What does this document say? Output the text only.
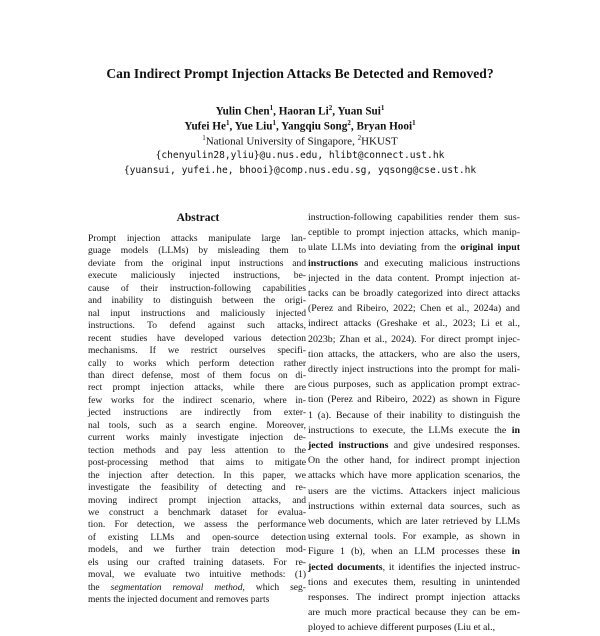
Can Indirect Prompt Injection Attacks Be Detected and Removed?
Yulin Chen$^1$, Haoran Li$^2$, Yuan Sui$^1$
Yufei He$^1$, Yue Liu$^1$, Yangqiu Song$^2$, Bryan Hooi$^1$
$^1$National University of Singapore, $^2$HKUST
{chenyulin28,yliu}@u.nus.edu, hlibt@connect.ust.hk
{yuansui, yufei.he, bhooi}@comp.nus.edu.sg, yqsong@cse.ust.hk
Abstract
Prompt injection attacks manipulate large lan-
guage models (LLMs) by misleading them to
deviate from the original input instructions and
execute maliciously injected instructions, be-
cause of their instruction-following capabilities
and inability to distinguish between the origi-
nal input instructions and maliciously injected
instructions. To defend against such attacks,
recent studies have developed various detection
mechanisms. If we restrict ourselves specifi-
cally to works which perform detection rather
than direct defense, most of them focus on di-
rect prompt injection attacks, while there are
few works for the indirect scenario, where in-
jected instructions are indirectly from exter-
nal tools, such as a search engine. Moreover,
current works mainly investigate injection de-
tection methods and pay less attention to the
post-processing method that aims to mitigate
the injection after detection. In this paper, we
investigate the feasibility of detecting and re-
moving indirect prompt injection attacks, and
we construct a benchmark dataset for evalua-
tion. For detection, we assess the performance
of existing LLMs and open-source detection
models, and we further train detection mod-
els using our crafted training datasets. For re-
moval, we evaluate two intuitive methods: (1)
the segmentation removal method, which seg-
ments the injected document and removes parts
instruction-following capabilities render them sus-
ceptible to prompt injection attacks, which manip-
ulate LLMs into deviating from the original input
instructions and executing malicious instructions
injected in the data content. Prompt injection at-
tacks can be broadly categorized into direct attacks
(Perez and Ribeiro, 2022; Chen et al., 2024a) and
indirect attacks (Greshake et al., 2023; Li et al.,
2023b; Zhan et al., 2024). For direct prompt injec-
tion attacks, the attackers, who are also the users,
directly inject instructions into the prompt for mali-
cious purposes, such as application prompt extrac-
tion (Perez and Ribeiro, 2022) as shown in Figure
1 (a). Because of their inability to distinguish the
instructions to execute, the LLMs execute the in
jected instructions and give undesired responses.
On the other hand, for indirect prompt injection
attacks which have more application scenarios, the
users are the victims. Attackers inject malicious
instructions within external data sources, such as
web documents, which are later retrieved by LLMs
using external tools. For example, as shown in
Figure 1 (b), when an LLM processes these in
jected documents, it identifies the injected instruc-
tions and executes them, resulting in unintended
responses. The indirect prompt injection attacks
are much more practical because they can be em-
ployed to achieve different purposes (Liu et al.,
